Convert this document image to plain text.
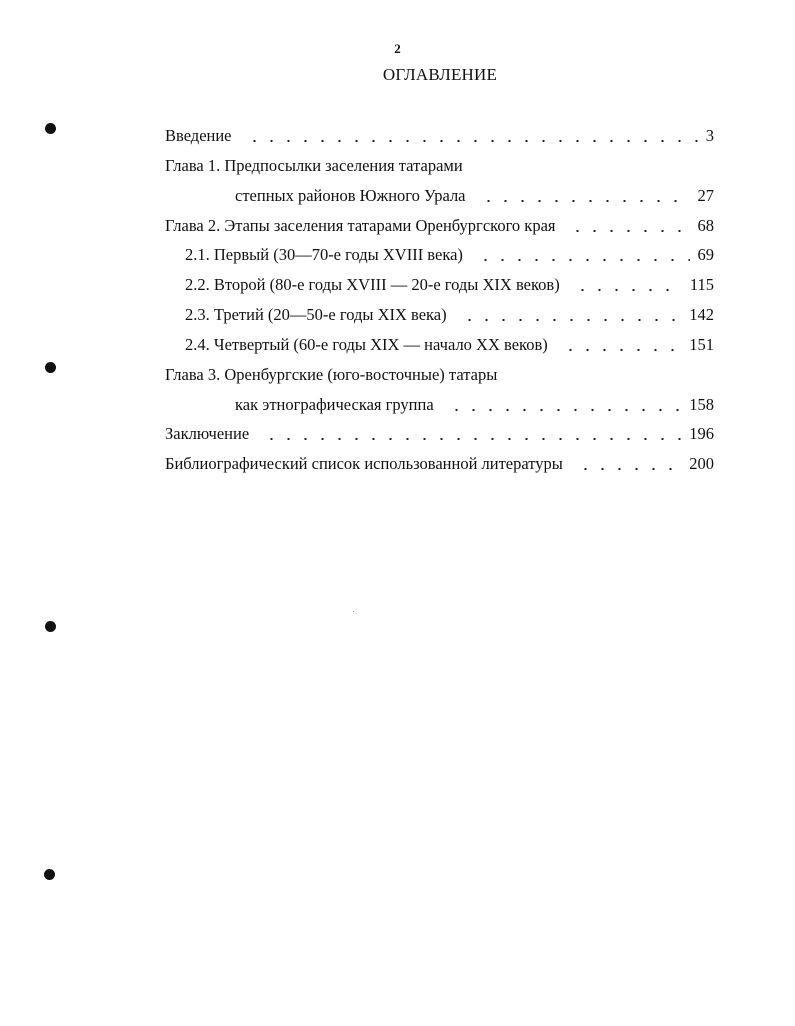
2
ОГЛАВЛЕНИЕ
Введение	3
Глава 1. Предпосылки заселения татарами
степных районов Южного Урала	27
Глава 2. Этапы заселения татарами Оренбургского края	68
2.1. Первый (30—70-е годы XVIII века)	69
2.2. Второй (80-е годы XVIII — 20-е годы XIX веков)	115
2.3. Третий (20—50-е годы XIX века)	142
2.4. Четвертый (60-е годы XIX — начало XX веков)	151
Глава 3. Оренбургские (юго-восточные) татары
как этнографическая группа	158
Заключение	196
Библиографический список использованной литературы	200
